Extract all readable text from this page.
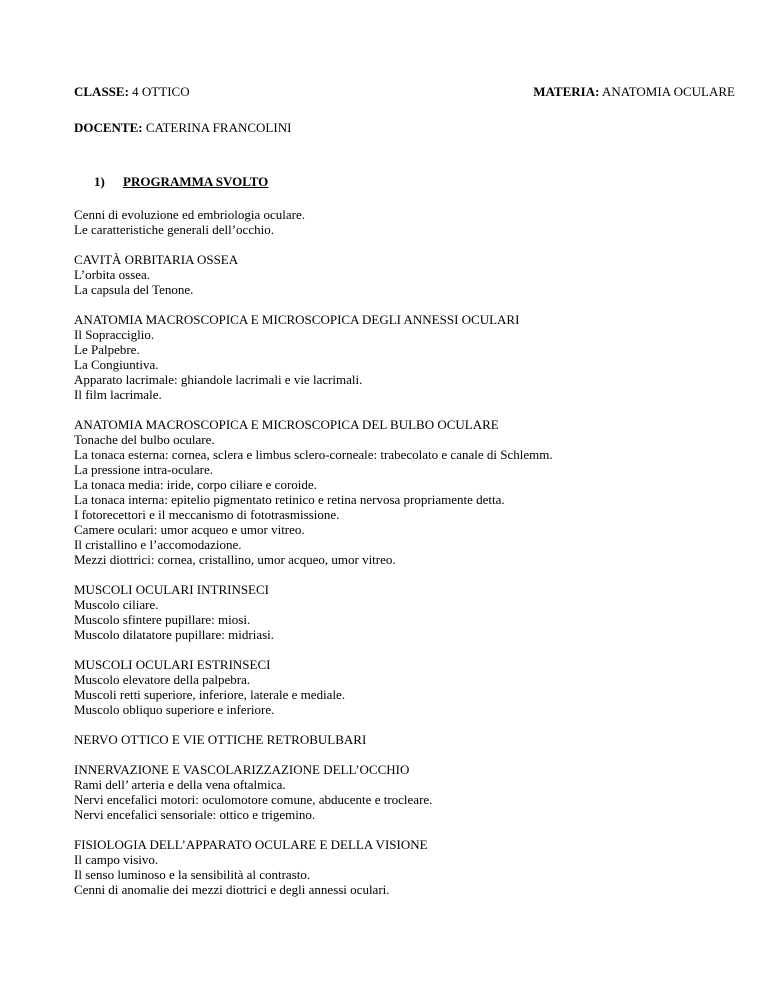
CLASSE: 4 OTTICO	MATERIA: ANATOMIA OCULARE
DOCENTE: CATERINA FRANCOLINI
1) PROGRAMMA SVOLTO
Cenni di evoluzione ed embriologia oculare.
Le caratteristiche generali dell’occhio.
CAVITÀ ORBITARIA OSSEA
L’orbita ossea.
La capsula del Tenone.
ANATOMIA MACROSCOPICA E MICROSCOPICA DEGLI ANNESSI OCULARI
Il Sopracciglio.
Le Palpebre.
La Congiuntiva.
Apparato lacrimale: ghiandole lacrimali e vie lacrimali.
Il film lacrimale.
ANATOMIA MACROSCOPICA E MICROSCOPICA DEL BULBO OCULARE
Tonache del bulbo oculare.
La tonaca esterna: cornea, sclera e limbus sclero-corneale: trabecolato e canale di Schlemm.
La pressione intra-oculare.
La tonaca media: iride, corpo ciliare e coroide.
La tonaca interna: epitelio pigmentato retinico e retina nervosa propriamente detta.
I fotorecettori e il meccanismo di fototrasmissione.
Camere oculari: umor acqueo e umor vitreo.
Il cristallino e l’accomodazione.
Mezzi diottrici: cornea, cristallino, umor acqueo, umor vitreo.
MUSCOLI OCULARI INTRINSECI
Muscolo ciliare.
Muscolo sfintere pupillare: miosi.
Muscolo dilatatore pupillare: midriasi.
MUSCOLI OCULARI ESTRINSECI
Muscolo elevatore della palpebra.
Muscoli retti superiore, inferiore, laterale e mediale.
Muscolo obliquo superiore e inferiore.
NERVO OTTICO E VIE OTTICHE RETROBULBARI
INNERVAZIONE E VASCOLARIZZAZIONE DELL’OCCHIO
Rami dell’ arteria e della vena oftalmica.
Nervi encefalici motori: oculomotore comune, abducente e trocleare.
Nervi encefalici sensoriale: ottico e trigemino.
FISIOLOGIA DELL’APPARATO OCULARE E DELLA VISIONE
Il campo visivo.
Il senso luminoso e la sensibilità al contrasto.
Cenni di anomalie dei mezzi diottrici e degli annessi oculari.
